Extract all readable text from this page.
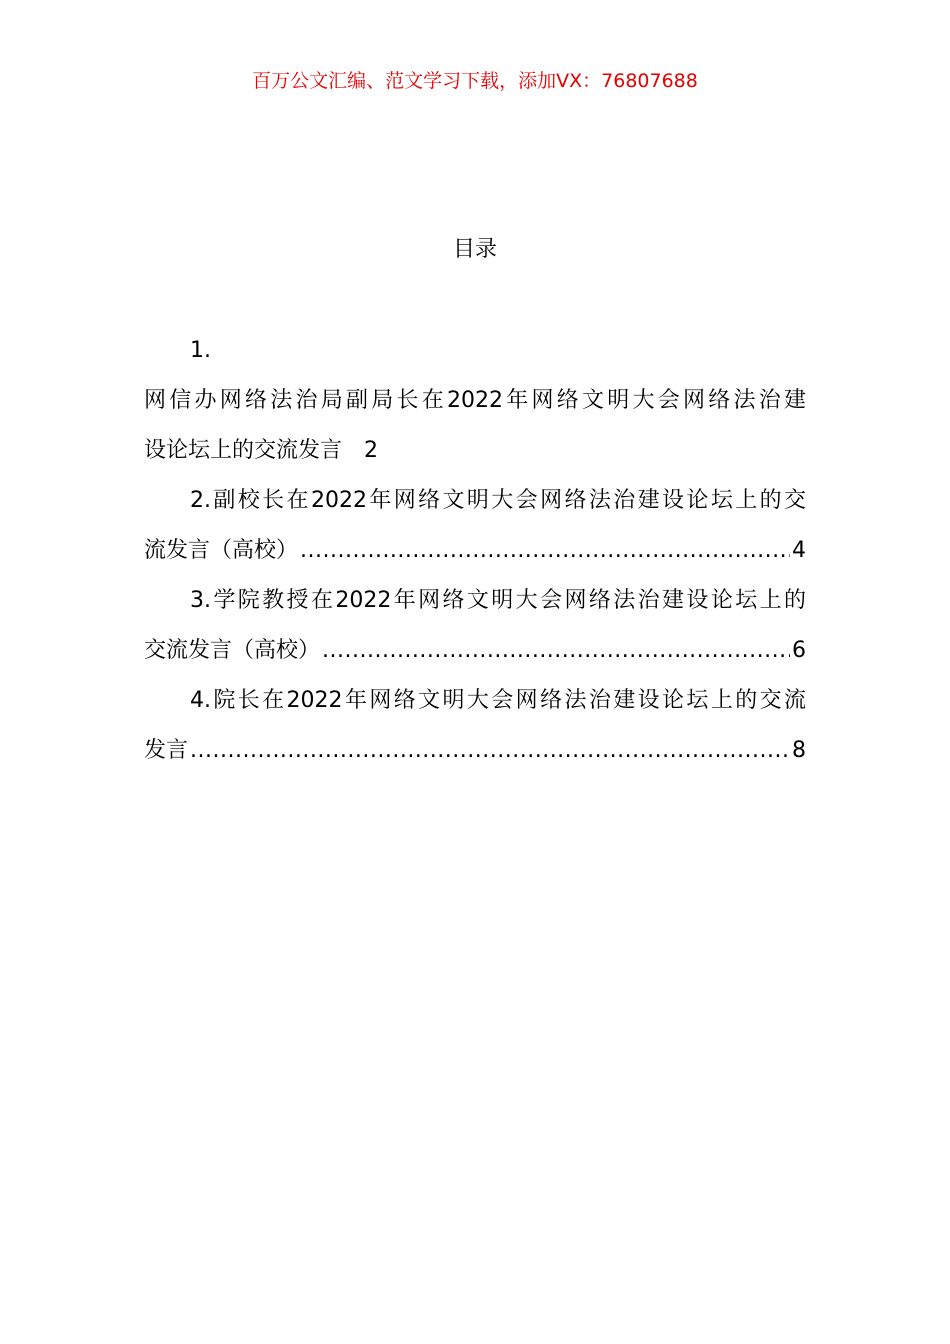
百万公文汇编、范文学习下载，添加VX：76807688
目录
1.
网信办网络法治局副局长在2022年网络文明大会网络法治建
设论坛上的交流发言 2
2.副校长在2022年网络文明大会网络法治建设论坛上的交
流发言（高校） .....	4
3.学院教授在2022年网络文明大会网络法治建设论坛上的
交流发言（高校） .....	6
4.院长在2022年网络文明大会网络法治建设论坛上的交流
发言 .....	8
